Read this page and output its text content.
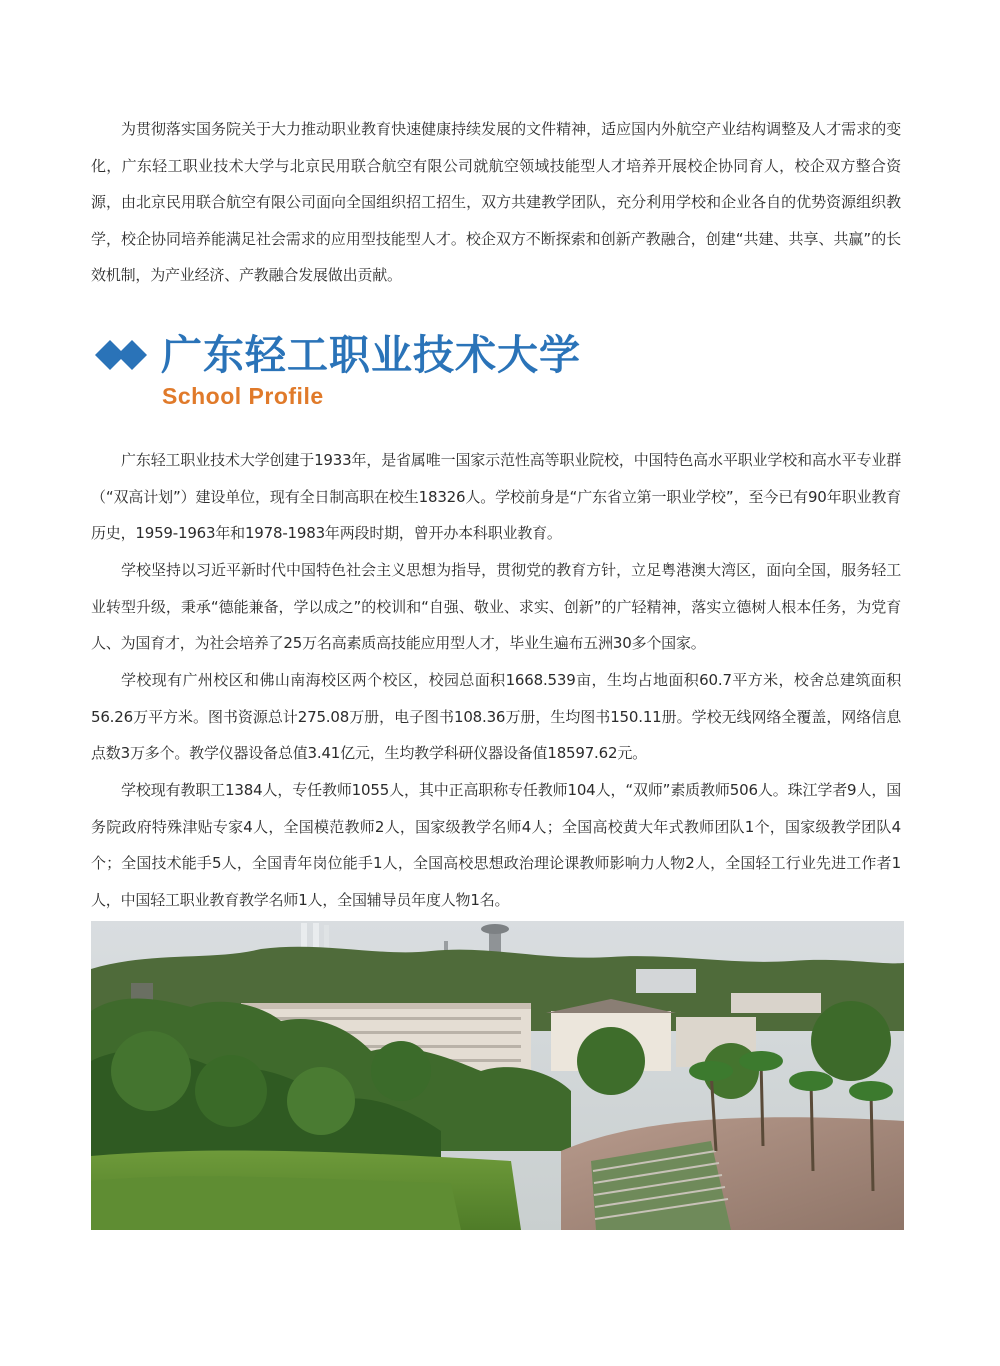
为贯彻落实国务院关于大力推动职业教育快速健康持续发展的文件精神，适应国内外航空产业结构调整及人才需求的变化，广东轻工职业技术大学与北京民用联合航空有限公司就航空领域技能型人才培养开展校企协同育人，校企双方整合资源，由北京民用联合航空有限公司面向全国组织招工招生，双方共建教学团队，充分利用学校和企业各自的优势资源组织教学，校企协同培养能满足社会需求的应用型技能型人才。校企双方不断探索和创新产教融合，创建“共建、共享、共赢”的长效机制，为产业经济、产教融合发展做出贡献。

广东轻工职业技术大学
School Profile

广东轻工职业技术大学创建于1933年，是省属唯一国家示范性高等职业院校，中国特色高水平职业学校和高水平专业群（“双高计划”）建设单位，现有全日制高职在校生18326人。学校前身是“广东省立第一职业学校”，至今已有90年职业教育历史，1959-1963年和1978-1983年两段时期，曾开办本科职业教育。

学校坚持以习近平新时代中国特色社会主义思想为指导，贯彻党的教育方针，立足粤港澳大湾区，面向全国，服务轻工业转型升级，秉承“德能兼备，学以成之”的校训和“自强、敬业、求实、创新”的广轻精神，落实立德树人根本任务，为党育人、为国育才，为社会培养了25万名高素质高技能应用型人才，毕业生遍布五洲30多个国家。

学校现有广州校区和佛山南海校区两个校区，校园总面积1668.539亩，生均占地面积60.7平方米，校舍总建筑面积56.26万平方米。图书资源总计275.08万册，电子图书108.36万册，生均图书150.11册。学校无线网络全覆盖，网络信息点数3万多个。教学仪器设备总值3.41亿元，生均教学科研仪器设备值18597.62元。

学校现有教职工1384人，专任教师1055人，其中正高职称专任教师104人，“双师”素质教师506人。珠江学者9人，国务院政府特殊津贴专家4人，全国模范教师2人，国家级教学名师4人；全国高校黄大年式教师团队1个，国家级教学团队4个；全国技术能手5人，全国青年岗位能手1人，全国高校思想政治理论课教师影响力人物2人，全国轻工行业先进工作者1人，中国轻工职业教育教学名师1人，全国辅导员年度人物1名。
